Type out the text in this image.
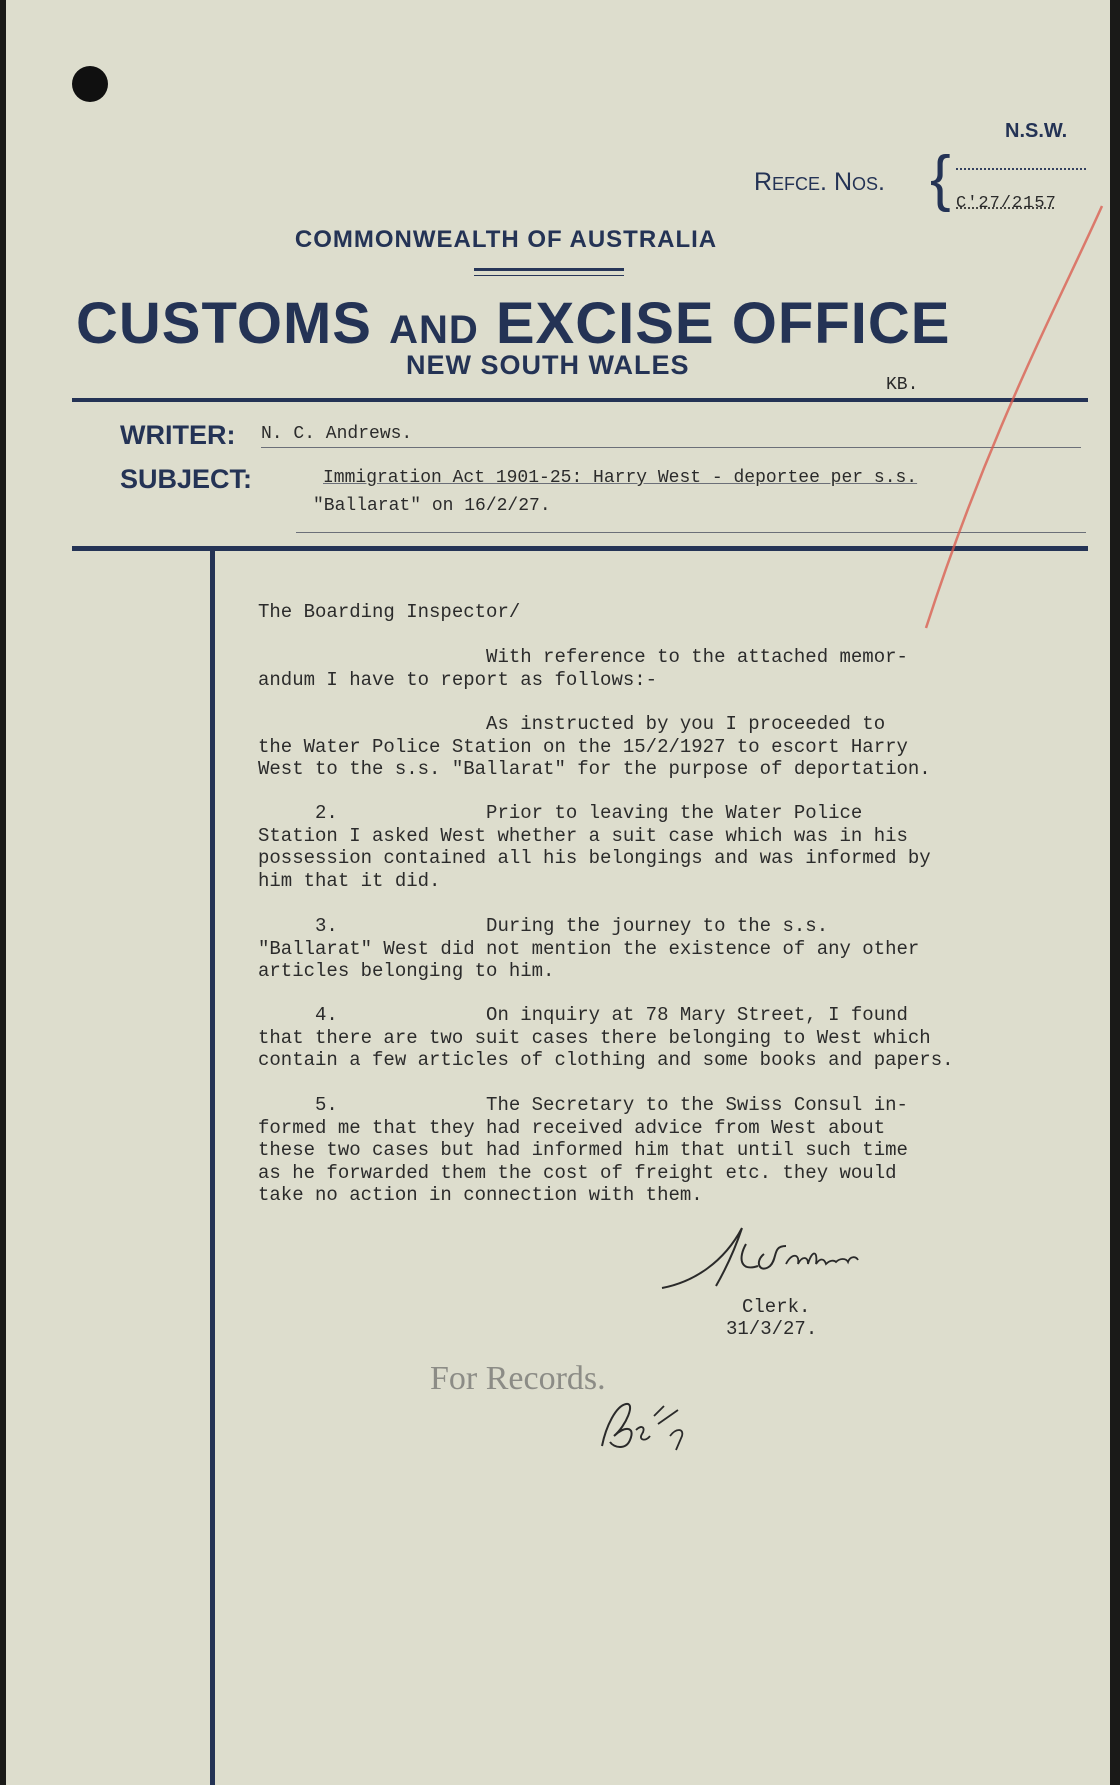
N.S.W.
Refce. Nos. { C'27/2157
COMMONWEALTH OF AUSTRALIA
CUSTOMS AND EXCISE OFFICE
NEW SOUTH WALES
KB.
WRITER: N. C. Andrews.
SUBJECT:	Immigration Act 1901-25: Harry West - deportee per s.s.
"Ballarat" on 16/2/27.
The Boarding Inspector/
With reference to the attached memor-
andum I have to report as follows:-
As instructed by you I proceeded to
the Water Police Station on the 15/2/1927 to escort Harry
West to the s.s. "Ballarat" for the purpose of deportation.
2.             Prior to leaving the Water Police
Station I asked West whether a suit case which was in his
possession contained all his belongings and was informed by
him that it did.
3.             During the journey to the s.s.
"Ballarat" West did not mention the existence of any other
articles belonging to him.
4.             On inquiry at 78 Mary Street, I found
that there are two suit cases there belonging to West which
contain a few articles of clothing and some books and papers.
5.             The Secretary to the Swiss Consul in-
formed me that they had received advice from West about
these two cases but had informed him that until such time
as he forwarded them the cost of freight etc. they would
take no action in connection with them.
Clerk.
31/3/27.
For Records.
